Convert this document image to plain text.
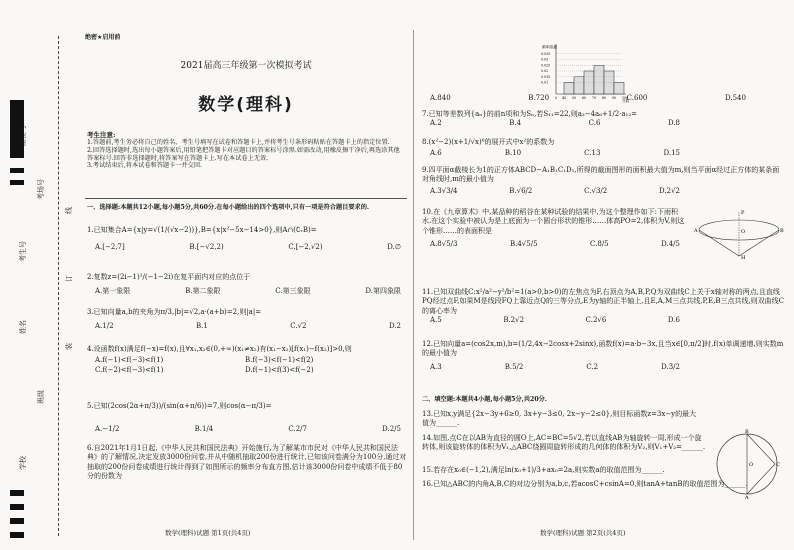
座位号
考场号
考生号
姓名
班级
学校
线
订
装
绝密★启用前
2021届高三年级第一次模拟考试
数学(理科)
考生注意:
1.答题前,考生务必将自己的姓名、考生号填写在试卷和答题卡上,并将考生号条形码粘贴在答题卡上的指定位置.
2.回答选择题时,选出每小题答案后,用铅笔把答题卡对应题目的答案标号涂黑.如需改动,用橡皮擦干净后,再选涂其他答案标号.回答非选择题时,将答案写在答题卡上.写在本试卷上无效.
3.考试结束后,将本试卷和答题卡一并交回.
一、选择题:本题共12小题,每小题5分,共60分.在每小题给出的四个选项中,只有一项是符合题目要求的.
1.已知集合A={x|y=√(1/(√x−2))},B={x|x²−5x−14>0},则A∩(∁ᵣB)=
A.[−2,7]	B.[−√2,2)	C.[−2,√2)	D.∅
2.复数z=(2i−1)²/(−1−2i)在复平面内对应的点位于
A.第一象限	B.第二象限	C.第三象限	D.第四象限
3.已知向量a,b的夹角为π/3,|b|=√2,a·(a+b)=2,则|a|=
A.1/2	B.1	C.√2	D.2
4.设函数f(x)满足f(−x)=f(x),且∀x₁,x₂∈(0,+∞)(x₁≠x₂)有(x₁−x₂)[f(x₁)−f(x₂)]>0,则
A.f(−1)<f(−3)<f(1)	B.f(−3)<f(−1)<f(2)
C.f(−2)<f(−3)<f(1)	D.f(−1)<f(3)<f(−2)
5.已知(2cos(2α+π/3))/(sin(α+π/6))=7,则cos(α−π/3)=
A.−1/2	B.1/4	C.2/7	D.2/5
6.自2021年1月1日起,《中华人民共和国民法典》开始施行,为了解某市市民对《中华人民共和国民法典》的了解情况,决定发放3000份问卷,并从中随机抽取200份进行统计,已知该问卷满分为100分,通过对抽取的200份问卷成绩进行统计得到了如图所示的频率分布直方图,估计该3000份问卷中成绩不低于80分的份数为
数学(理科)试题 第1页(共4页)
频率/组距
分数
0.01
0.015
0.02
0.025
0.03
0.035
0 40 50 60 70 80 90 100
A.840	B.720	C.600	D.540
7.已知等差数列{aₙ}的前n项和为Sₙ,若S₁₁=22,则a₃−4a₆+1/2·a₁₂=
A.2	B.4	C.6	D.8
8.(x²−2)(x+1/√x)⁶的展开式中x²的系数为
A.6	B.10	C.13	D.15
9.四平面α截棱长为1的正方体ABCD−A₁B₁C₁D₁,所得的截面图形的面积最大值为m,则当平面α经过正方体的某条面对角线时,m的最小值为
A.3√3/4	B.√6/2	C.√3/2	D.2√2
10.在《九章算术》中,某品种的稻谷在某种试验的结果中,为这个整理作如下:下雨积水.在这个实验中被认为是上底面为一个圆台形状的锥形……体高PO=2,体积为V,则这个锥形……的表面积是
A.8√5/3	B.4√5/5	C.8/5	D.4/5
P
O	B
A
H
11.已知双曲线C:x²/a²−y²/b²=1(a>0,b>0)的左焦点为F,右顶点为A,B,P,Q为双曲线C上关于x轴对称的两点,且直线PQ经过点F,如果M是线段FQ上靠近点Q的三等分点,E为y轴的正半轴上,且E,A,M三点共线,P,E,B三点共线,则双曲线C的离心率为
A.5	B.2√2	C.2√6	D.6
12.已知向量a=(cos2x,m),b=(1/2,4x−2cosx+2sinx),函数f(x)=a·b−3x,且当x∈[0,π/2]时,f(x)单调递增,则实数m的最小值为
A.3	B.5/2	C.2	D.3/2
二、填空题:本题共4小题,每小题5分,共20分.
13.已知x,y满足{2x−3y+6≥0, 3x+y−3≤0, 2x−y−2≤0},则目标函数z=3x−y的最大值为______.
14.如图,点C在以AB为直径的圆O上,AC=BC=5√2,若以直线AB为轴旋转一周,形成一个旋转体,则该旋转体的体积为V₁,△ABC绕圆周旋转形成的几何体的体积为V₂,则V₁+V₂=______.
15.若存在x₀∈(−1,2),满足ln(x₀+1)/3+ax₀=2a,则实数a的取值范围为______.
16.已知△ABC的内角A,B,C的对边分别为a,b,c,若acosC+csinA=0,则tanA+tanB的取值范围为______.
B
A
C
O
数学(理科)试题 第2页(共4页)
